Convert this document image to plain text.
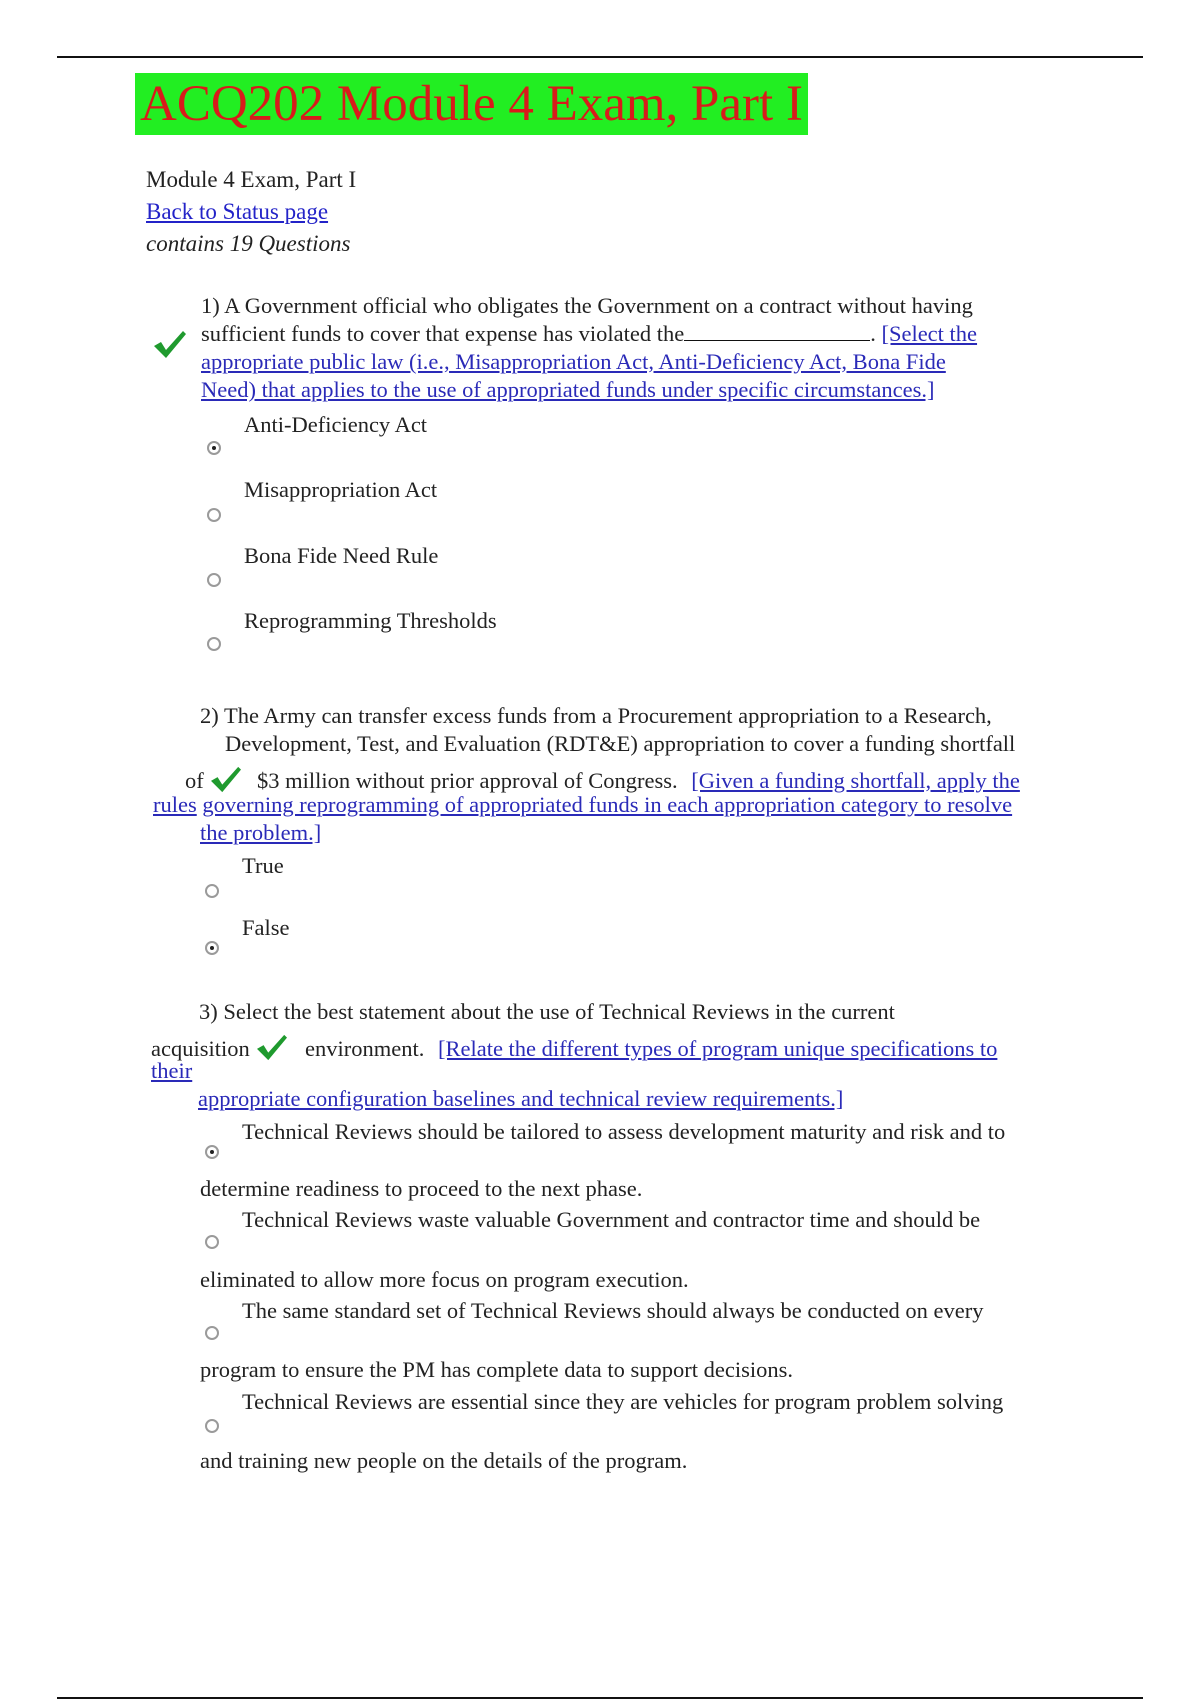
ACQ202 Module 4 Exam, Part I
Module 4 Exam, Part I
Back to Status page
contains 19 Questions
1) A Government official who obligates the Government on a contract without having
sufficient funds to cover that expense has violated the	. [Select the
appropriate public law (i.e., Misappropriation Act, Anti-Deficiency Act, Bona Fide
Need) that applies to the use of appropriated funds under specific circumstances.]
Anti-Deficiency Act
Misappropriation Act
Bona Fide Need Rule
Reprogramming Thresholds
2) The Army can transfer excess funds from a Procurement appropriation to a Research,
Development, Test, and Evaluation (RDT&E) appropriation to cover a funding shortfall
of $3 million without prior approval of Congress. [Given a funding shortfall, apply the
rules governing reprogramming of appropriated funds in each appropriation category to resolve
the problem.]
True
False
3) Select the best statement about the use of Technical Reviews in the current
acquisition environment. [Relate the different types of program unique specifications to
their
appropriate configuration baselines and technical review requirements.]
Technical Reviews should be tailored to assess development maturity and risk and to
determine readiness to proceed to the next phase.
Technical Reviews waste valuable Government and contractor time and should be
eliminated to allow more focus on program execution.
The same standard set of Technical Reviews should always be conducted on every
program to ensure the PM has complete data to support decisions.
Technical Reviews are essential since they are vehicles for program problem solving
and training new people on the details of the program.
